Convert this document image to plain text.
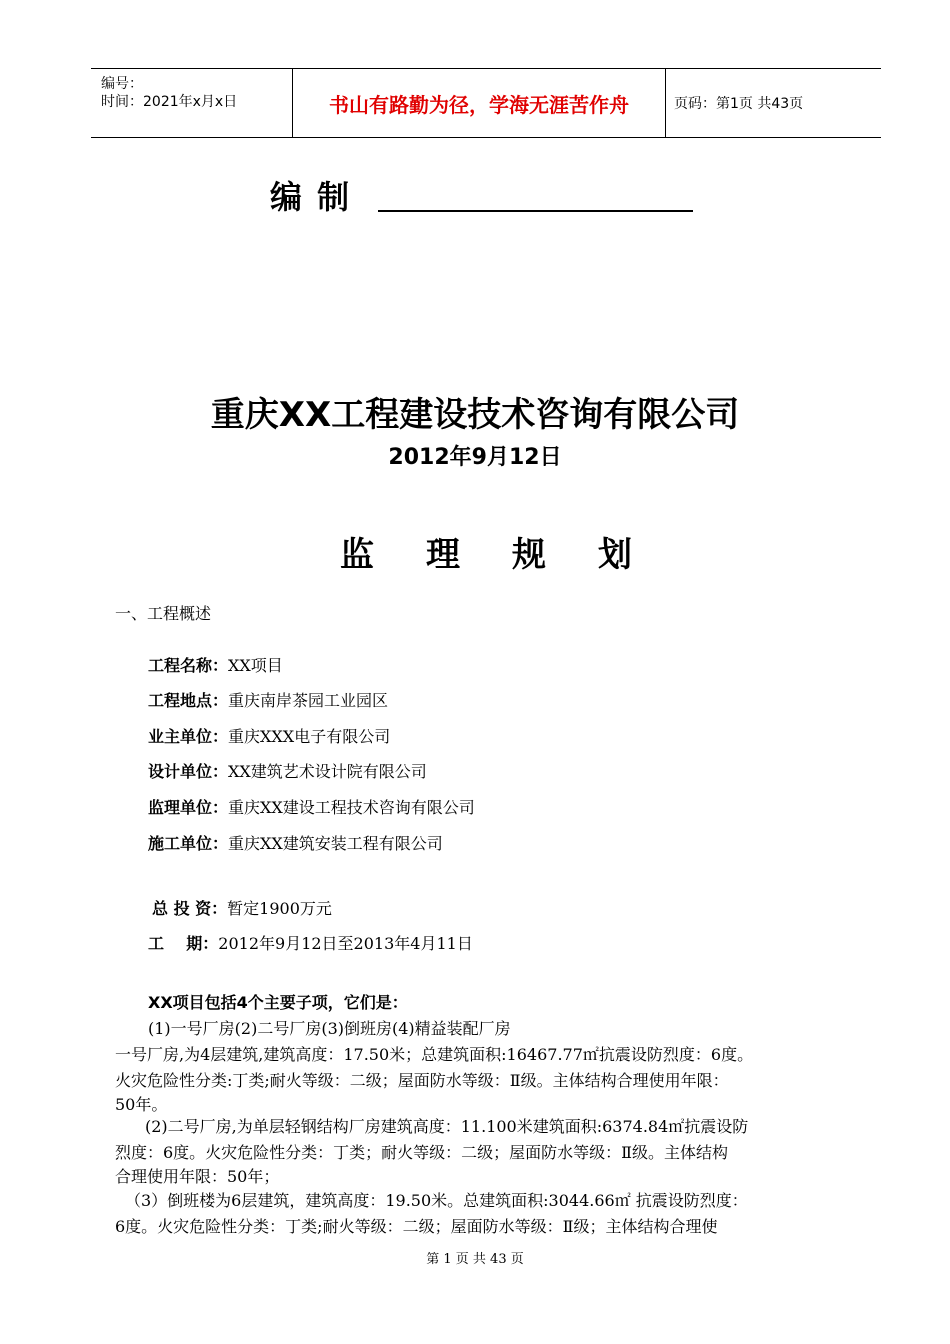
编号：
时间：2021年x月x日	书山有路勤为径，学海无涯苦作舟	页码：第1页 共43页
编 制
重庆XX工程建设技术咨询有限公司
2012年9月12日
监 理 规 划
一、工程概述
工程名称：XX项目
工程地点：重庆南岸茶园工业园区
业主单位：重庆XXX电子有限公司
设计单位：XX建筑艺术设计院有限公司
监理单位：重庆XX建设工程技术咨询有限公司
施工单位：重庆XX建筑安装工程有限公司
总 投 资：暂定1900万元
工    期：2012年9月12日至2013年4月11日
XX项目包括4个主要子项，它们是：
(1)一号厂房(2)二号厂房(3)倒班房(4)精益装配厂房
一号厂房,为4层建筑,建筑高度：17.50米；总建筑面积:16467.77㎡抗震设防烈度：6度。
火灾危险性分类:丁类;耐火等级：二级；屋面防水等级：Ⅱ级。主体结构合理使用年限：
50年。
(2)二号厂房,为单层轻钢结构厂房建筑高度：11.100米建筑面积:6374.84㎡抗震设防
烈度：6度。火灾危险性分类：丁类；耐火等级：二级；屋面防水等级：Ⅱ级。主体结构
合理使用年限：50年；
（3）倒班楼为6层建筑，建筑高度：19.50米。总建筑面积:3044.66㎡ 抗震设防烈度：
6度。火灾危险性分类：丁类;耐火等级：二级；屋面防水等级：Ⅱ级；主体结构合理使
第 1 页 共 43 页
